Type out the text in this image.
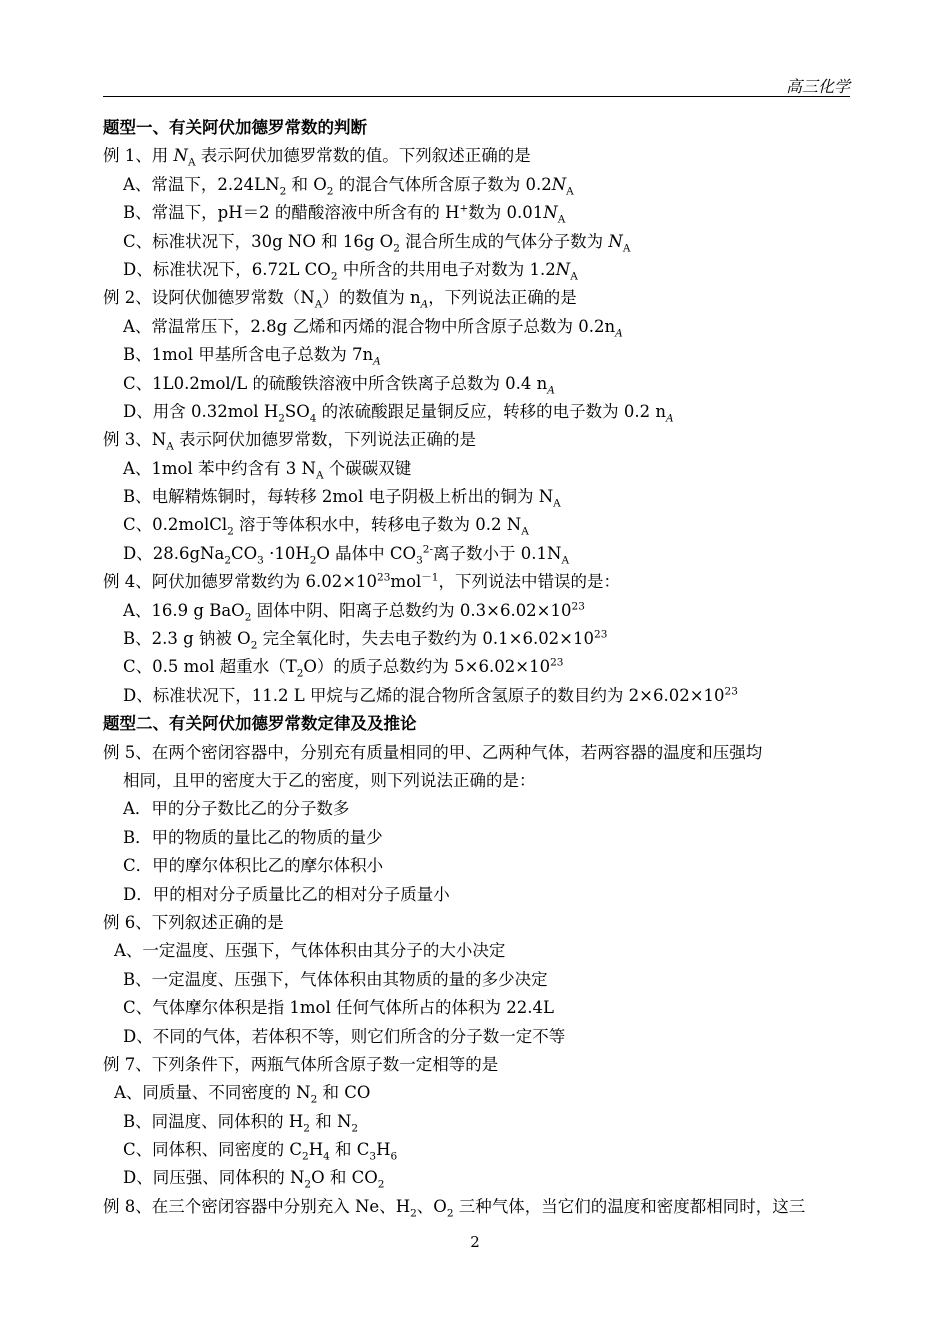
高三化学
题型一、有关阿伏加德罗常数的判断
例 1、用 $N_A$ 表示阿伏加德罗常数的值。下列叙述正确的是
A、常温下，$2.24LN_2$ 和 $O_2$ 的混合气体所含原子数为 $0.2N_A$
B、常温下，pH＝2 的醋酸溶液中所含有的 H+数为 $0.01N_A$
C、标准状况下，30g NO 和 16g $O_2$ 混合所生成的气体分子数为 $N_A$
D、标准状况下，6.72L $CO_2$ 中所含的共用电子对数为 $1.2N_A$
例 2、设阿伏伽德罗常数$(N_A)$的数值为 $n_A$，下列说法正确的是
A、常温常压下，2.8g 乙烯和丙烯的混合物中所含原子总数为 $0.2n_A$
B、1mol 甲基所含电子总数为 $7n_A$
C、1L0.2mol/L 的硫酸铁溶液中所含铁离子总数为 0.4 $n_A$
D、用含 0.32mol $H_2SO_4$ 的浓硫酸跟足量铜反应，转移的电子数为 0.2 $n_A$
例 3、$N_A$ 表示阿伏加德罗常数，下列说法正确的是
A、1mol 苯中约含有 3 $N_A$ 个碳碳双键
B、电解精炼铜时，每转移 2mol 电子阴极上析出的铜为 $N_A$
C、0.2molCl$_2$ 溶于等体积水中，转移电子数为 0.2 $N_A$
D、$28.6gNa_2CO_3 \cdot 10H_2O$ 晶体中 $CO_3^{2-}$离子数小于 $0.1N_A$
例 4、阿伏加德罗常数约为 $6.02\times 10^{23}mol^{-1}$，下列说法中错误的是：
A、16.9 g BaO$_2$ 固体中阴、阳离子总数约为 $0.3\times 6.02\times 10^{23}$
B、2.3 g 钠被 $O_2$ 完全氧化时，失去电子数约为 $0.1\times 6.02\times 10^{23}$
C、0.5 mol 超重水$(T_2O)$的质子总数约为 $5\times 6.02\times 10^{23}$
D、标准状况下，11.2 L 甲烷与乙烯的混合物所含氢原子的数目约为 $2\times 6.02\times 10^{23}$
题型二、有关阿伏加德罗常数定律及及推论
例 5、在两个密闭容器中，分别充有质量相同的甲、乙两种气体，若两容器的温度和压强均
相同，且甲的密度大于乙的密度，则下列说法正确的是：
A．甲的分子数比乙的分子数多
B．甲的物质的量比乙的物质的量少
C．甲的摩尔体积比乙的摩尔体积小
D．甲的相对分子质量比乙的相对分子质量小
例 6、下列叙述正确的是
A、一定温度、压强下，气体体积由其分子的大小决定
B、一定温度、压强下，气体体积由其物质的量的多少决定
C、气体摩尔体积是指 1mol 任何气体所占的体积为 22.4L
D、不同的气体，若体积不等，则它们所含的分子数一定不等
例 7、下列条件下，两瓶气体所含原子数一定相等的是
A、同质量、不同密度的 $N_2$ 和 CO
B、同温度、同体积的 $H_2$ 和 $N_2$
C、同体积、同密度的 $C_2H_4$ 和 $C_3H_6$
D、同压强、同体积的 $N_2O$ 和 $CO_2$
例 8、在三个密闭容器中分别充入 Ne、$H_2$、$O_2$ 三种气体，当它们的温度和密度都相同时，这三
2
